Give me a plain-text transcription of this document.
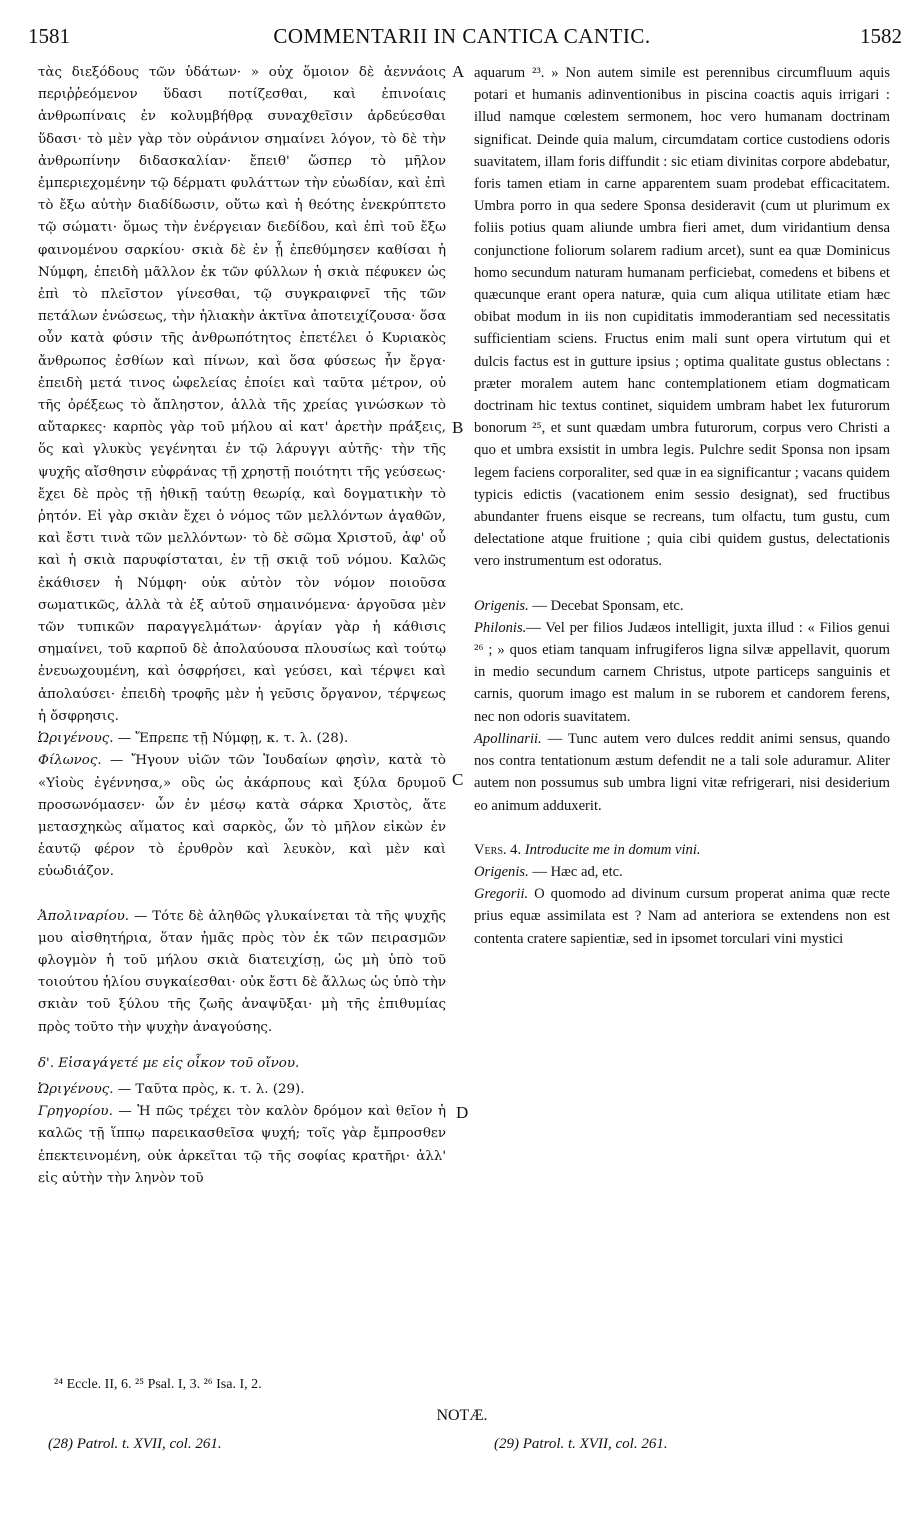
1581	COMMENTARII IN CANTICA CANTIC.	1582
A
B
C
D

τὰς διεξόδους τῶν ὑδάτων· » οὐχ ὅμοιον δὲ ἀεννάοις περιῤῥεόμενον ὕδασι ποτίζεσθαι, καὶ ἐπινοίαις ἀνθρωπίναις ἐν κολυμβήθρᾳ συναχθεῖσιν ἀρδεύεσθαι ὕδασι· τὸ μὲν γὰρ τὸν οὐράνιον σημαίνει λόγον, τὸ δὲ τὴν ἀνθρωπίνην διδασκαλίαν· ἔπειθ' ὥσπερ τὸ μῆλον ἐμπεριεχομένην τῷ δέρματι φυλάττων τὴν εὐωδίαν, καὶ ἐπὶ τὸ ἔξω αὐτὴν διαδίδωσιν, οὕτω καὶ ἡ θεότης ἐνεκρύπτετο τῷ σώματι· ὅμως τὴν ἐνέργειαν διεδίδου, καὶ ἐπὶ τοῦ ἔξω φαινομένου σαρκίου· σκιὰ δὲ ἐν ᾗ ἐπεθύμησεν καθίσαι ἡ Νύμφη, ἐπειδὴ μᾶλλον ἐκ τῶν φύλλων ἡ σκιὰ πέφυκεν ὡς ἐπὶ τὸ πλεῖστον γίνεσθαι, τῷ συγκραιφνεῖ τῆς τῶν πετάλων ἑνώσεως, τὴν ἡλιακὴν ἀκτῖνα ἀποτειχίζουσα· ὅσα οὖν κατὰ φύσιν τῆς ἀνθρωπότητος ἐπετέλει ὁ Κυριακὸς ἄνθρωπος ἐσθίων καὶ πίνων, καὶ ὅσα φύσεως ἦν ἔργα· ἐπειδὴ μετά τινος ὠφελείας ἐποίει καὶ ταῦτα μέτρον, οὐ τῆς ὀρέξεως τὸ ἄπληστον, ἀλλὰ τῆς χρείας γινώσκων τὸ αὔταρκες· καρπὸς γὰρ τοῦ μήλου αἱ κατ' ἀρετὴν πράξεις, ὅς καὶ γλυκὺς γεγένηται ἐν τῷ λάρυγγι αὐτῆς· τὴν τῆς ψυχῆς αἴσθησιν εὐφράνας τῇ χρηστῇ ποιότητι τῆς γεύσεως· ἔχει δὲ πρὸς τῇ ἠθικῇ ταύτῃ θεωρίᾳ, καὶ δογματικὴν τὸ ῥητόν. Εἰ γὰρ σκιὰν ἔχει ὁ νόμος τῶν μελλόντων ἀγαθῶν, καὶ ἔστι τινὰ τῶν μελλόντων· τὸ δὲ σῶμα Χριστοῦ, ἀφ' οὗ καὶ ἡ σκιὰ παρυφίσταται, ἐν τῇ σκιᾷ τοῦ νόμου. Καλῶς ἐκάθισεν ἡ Νύμφη· οὐκ αὐτὸν τὸν νόμον ποιοῦσα σωματικῶς, ἀλλὰ τὰ ἐξ αὐτοῦ σημαινόμενα· ἀργοῦσα μὲν τῶν τυπικῶν παραγγελμάτων· ἀργίαν γὰρ ἡ κάθισις σημαίνει, τοῦ καρποῦ δὲ ἀπολαύουσα πλουσίως καὶ τούτῳ ἐνευωχουμένη, καὶ ὀσφρήσει, καὶ γεύσει, καὶ τέρψει καὶ ἀπολαύσει· ἐπειδὴ τροφῆς μὲν ἡ γεῦσις ὄργανον, τέρψεως ἡ ὄσφρησις.

Ὠριγένους. — Ἔπρεπε τῇ Νύμφῃ, κ. τ. λ. (28).

Φίλωνος. — Ἤγουν υἱῶν τῶν Ἰουδαίων φησὶν, κατὰ τὸ «Υἱοὺς ἐγέννησα,» οὓς ὡς ἀκάρπους καὶ ξύλα δρυμοῦ προσωνόμασεν· ὧν ἐν μέσῳ κατὰ σάρκα Χριστὸς, ἅτε μετασχηκὼς αἵματος καὶ σαρκὸς, ὧν τὸ μῆλον εἰκὼν ἐν ἑαυτῷ φέρον τὸ ἐρυθρὸν καὶ λευκὸν, καὶ μὲν καὶ εὐωδιάζον.

Ἀπολιναρίου. — Τότε δὲ ἀληθῶς γλυκαίνεται τὰ τῆς ψυχῆς μου αἰσθητήρια, ὅταν ἡμᾶς πρὸς τὸν ἐκ τῶν πειρασμῶν φλογμὸν ἡ τοῦ μήλου σκιὰ διατειχίσῃ, ὡς μὴ ὑπὸ τοῦ τοιούτου ἡλίου συγκαίεσθαι· οὐκ ἔστι δὲ ἄλλως ὡς ὑπὸ τὴν σκιὰν τοῦ ξύλου τῆς ζωῆς ἀναψῦξαι· μὴ τῆς ἐπιθυμίας πρὸς τοῦτο τὴν ψυχὴν ἀναγούσης.

δ'. Εἰσαγάγετέ με εἰς οἶκον τοῦ οἴνου.

Ὠριγένους. — Ταῦτα πρὸς, κ. τ. λ. (29).

Γρηγορίου. — Ἡ πῶς τρέχει τὸν καλὸν δρόμον καὶ θεῖον ἡ καλῶς τῇ ἵππῳ παρεικασθεῖσα ψυχή; τοῖς γὰρ ἔμπροσθεν ἐπεκτεινομένη, οὐκ ἀρκεῖται τῷ τῆς σοφίας κρατῆρι· ἀλλ' εἰς αὐτὴν τὴν ληνὸν τοῦ

aquarum ²³. » Non autem simile est perennibus circumfluum aquis potari et humanis adinventionibus in piscina coactis aquis irrigari : illud namque cœlestem sermonem, hoc vero humanam doctrinam significat. Deinde quia malum, circumdatam cortice custodiens odoris suavitatem, illam foris diffundit : sic etiam divinitas corpore abdebatur, foris tamen etiam in carne apparentem suam prodebat efficacitatem. Umbra porro in qua sedere Sponsa desideravit (cum ut plurimum ex foliis potius quam aliunde umbra fieri amet, dum viridantium densa conjunctione foliorum solarem radium arcet), sunt ea quæ Dominicus homo secundum naturam humanam perficiebat, comedens et bibens et quæcunque erant opera naturæ, quia cum aliqua utilitate etiam hæc obibat modum in iis non cupiditatis immoderantiam sed necessitatis sufficientiam sciens. Fructus enim mali sunt opera virtutum qui et dulcis factus est in gutture ipsius ; optima qualitate gustus oblectans : præter moralem autem hanc contemplationem etiam dogmaticam doctrinam hic textus continet, siquidem umbram habet lex futurorum bonorum ²⁵, et sunt quædam umbra futurorum, corpus vero Christi a quo et umbra exsistit in umbra legis. Pulchre sedit Sponsa non ipsam legem faciens corporaliter, sed quæ in ea significantur ; vacans quidem typicis edictis (vacationem enim sessio designat), sed fructibus abundanter fruens eisque se recreans, tum olfactu, tum gustu, cum delectatione atque fruitione ; quia cibi quidem gustus, delectationis vero instrumentum est odoratus.

Origenis. — Decebat Sponsam, etc.

Philonis.— Vel per filios Judæos intelligit, juxta illud : « Filios genui ²⁶ ; » quos etiam tanquam infrugiferos ligna silvæ appellavit, quorum in medio secundum carnem Christus, utpote particeps sanguinis et carnis, quorum imago est malum in se ruborem et candorem ferens, nec non odoris suavitatem.

Apollinarii. — Tunc autem vero dulces reddit animi sensus, quando nos contra tentationum æstum defendit ne a tali sole aduramur. Aliter autem non possumus sub umbra ligni vitæ refrigerari, nisi desiderium eo animum adduxerit.

Vers. 4. Introducite me in domum vini.

Origenis. — Hæc ad, etc.

Gregorii. O quomodo ad divinum cursum properat anima quæ recte prius equæ assimilata est ? Nam ad anteriora se extendens non est contenta cratere sapientiæ, sed in ipsomet torculari vini mystici

²⁴ Eccle. II, 6. ²⁵ Psal. I, 3. ²⁶ Isa. I, 2.
NOTÆ.
(28) Patrol. t. XVII, col. 261.	(29) Patrol. t. XVII, col. 261.
